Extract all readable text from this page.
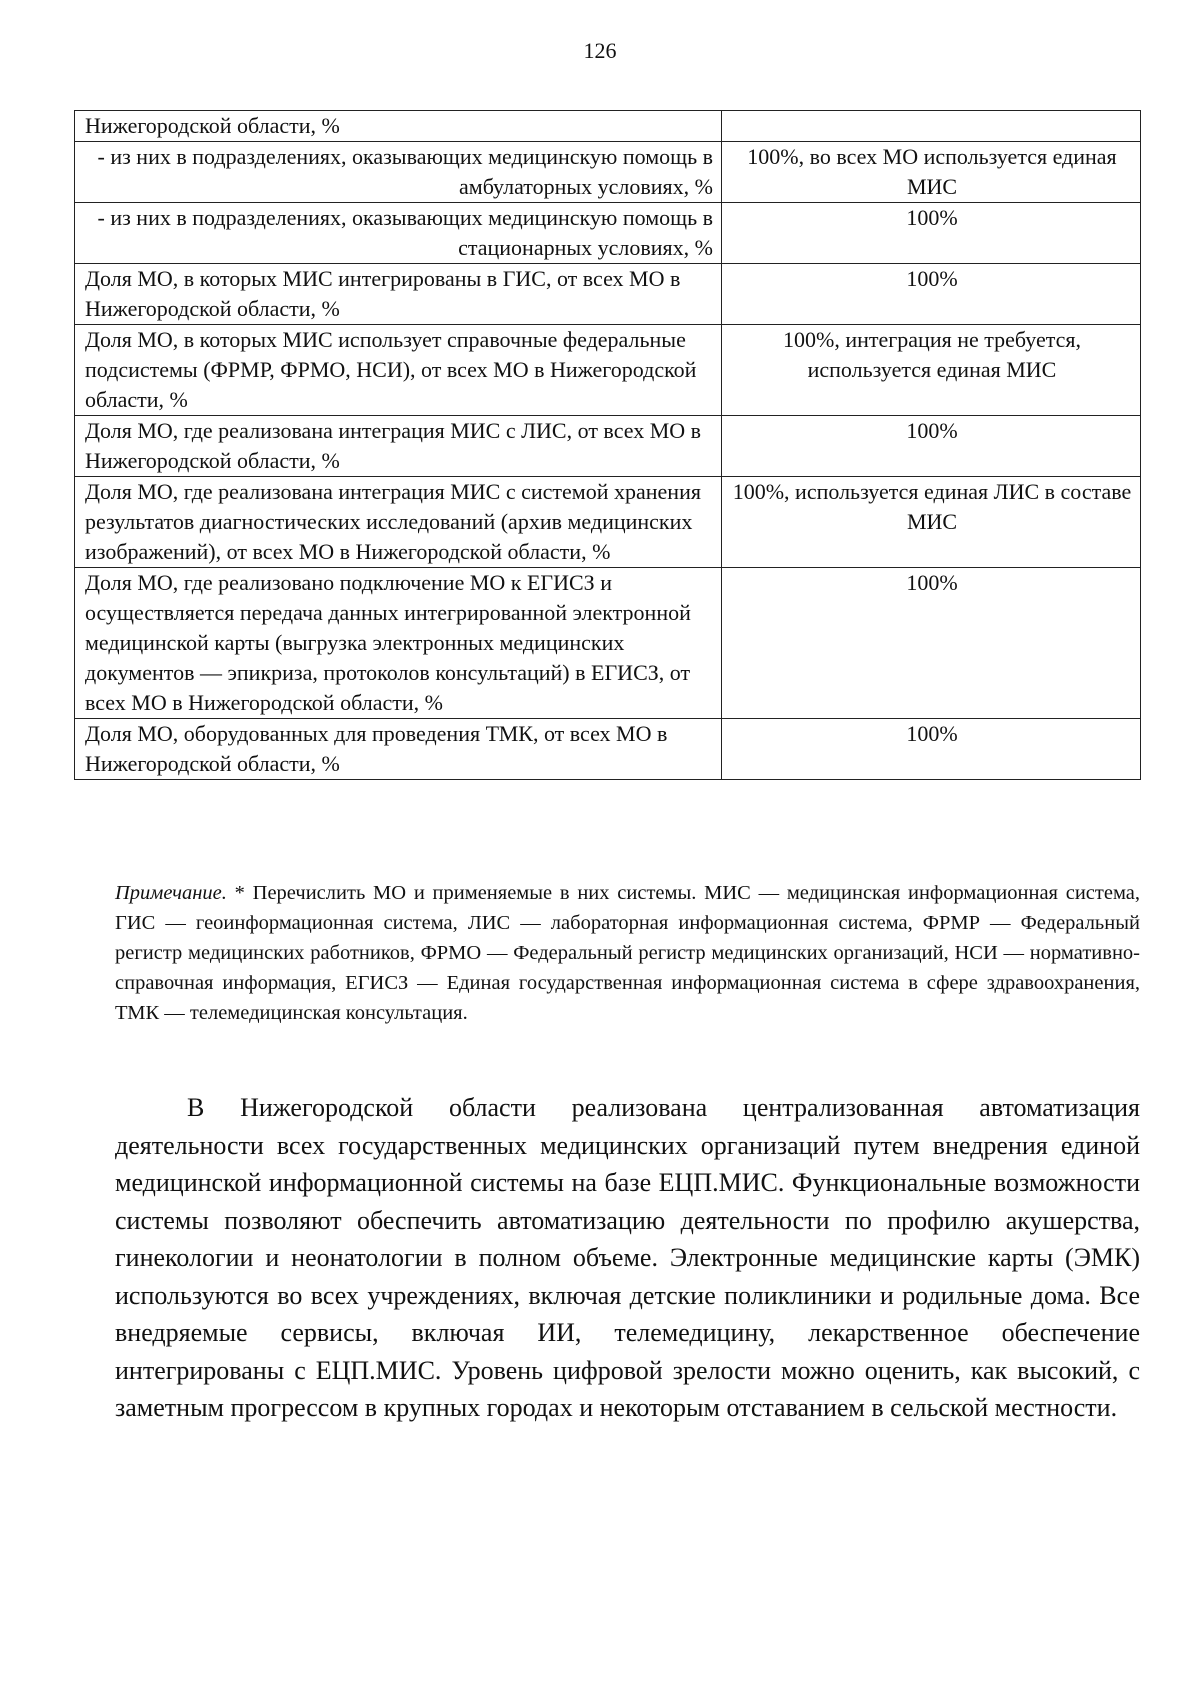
126
Нижегородской области, %	
- из них в подразделениях, оказывающих медицинскую помощь в амбулаторных условиях, %	100%, во всех МО используется единая МИС
- из них в подразделениях, оказывающих медицинскую помощь в стационарных условиях, %	100%
Доля МО, в которых МИС интегрированы в ГИС, от всех МО в Нижегородской области, %	100%
Доля МО, в которых МИС использует справочные федеральные подсистемы (ФРМР, ФРМО, НСИ), от всех МО в Нижегородской области, %	100%, интеграция не требуется, используется единая МИС
Доля МО, где реализована интеграция МИС с ЛИС, от всех МО в Нижегородской области, %	100%
Доля МО, где реализована интеграция МИС с системой хранения результатов диагностических исследований (архив медицинских изображений), от всех МО в Нижегородской области, %	100%, используется единая ЛИС в составе МИС
Доля МО, где реализовано подключение МО к ЕГИСЗ и осуществляется передача данных интегрированной электронной медицинской карты (выгрузка электронных медицинских документов — эпикриза, протоколов консультаций) в ЕГИСЗ, от всех МО в Нижегородской области, %	100%
Доля МО, оборудованных для проведения ТМК, от всех МО в Нижегородской области, %	100%
Примечание. * Перечислить МО и применяемые в них системы. МИС — медицинская информационная система, ГИС — геоинформационная система, ЛИС — лабораторная информационная система, ФРМР — Федеральный регистр медицинских работников, ФРМО — Федеральный регистр медицинских организаций, НСИ — нормативно-справочная информация, ЕГИСЗ — Единая государственная информационная система в сфере здравоохранения, ТМК — телемедицинская консультация.

В Нижегородской области реализована централизованная автоматизация деятельности всех государственных медицинских организаций путем внедрения единой медицинской информационной системы на базе ЕЦП.МИС. Функциональные возможности системы позволяют обеспечить автоматизацию деятельности по профилю акушерства, гинекологии и неонатологии в полном объеме. Электронные медицинские карты (ЭМК) используются во всех учреждениях, включая детские поликлиники и родильные дома. Все внедряемые сервисы, включая ИИ, телемедицину, лекарственное обеспечение интегрированы с ЕЦП.МИС. Уровень цифровой зрелости можно оценить, как высокий, с заметным прогрессом в крупных городах и некоторым отставанием в сельской местности.
